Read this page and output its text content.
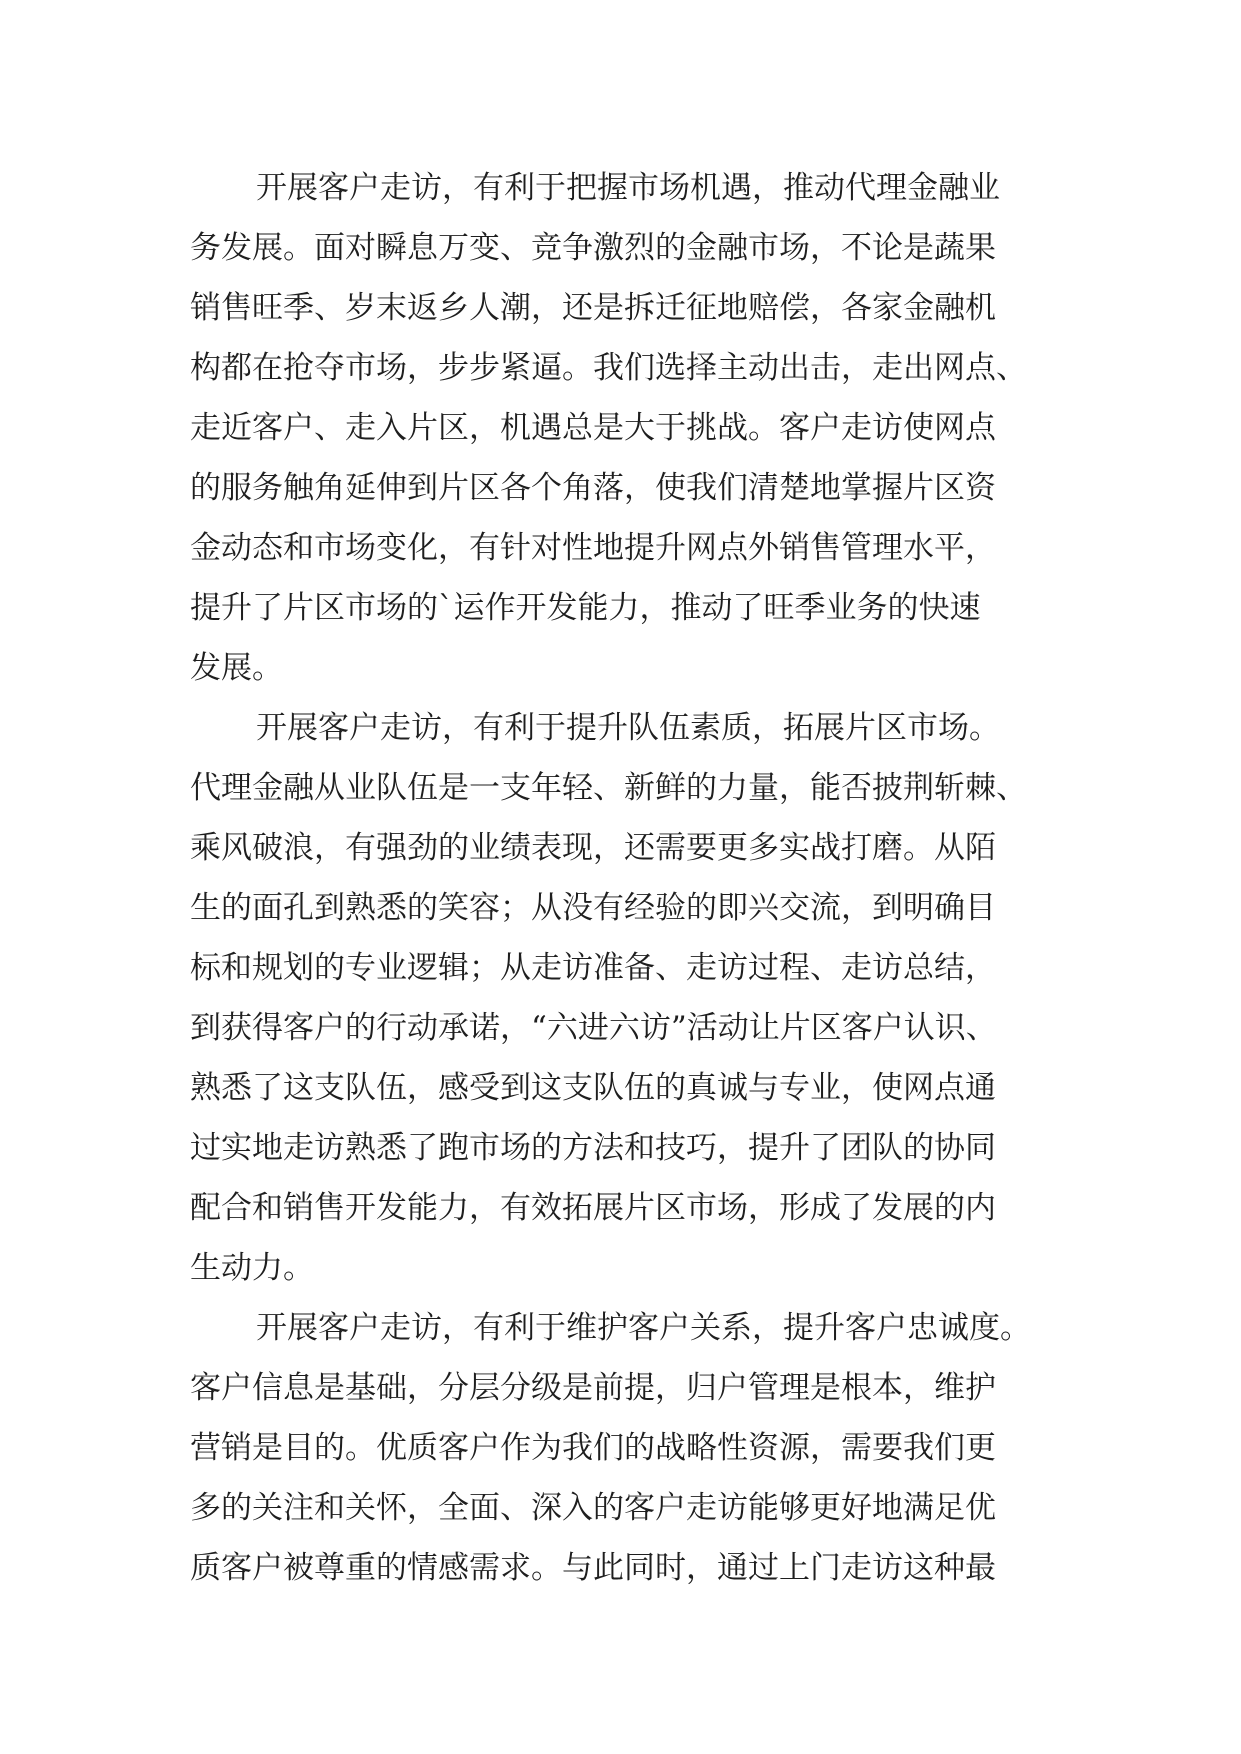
开展客户走访，有利于把握市场机遇，推动代理金融业
务发展。面对瞬息万变、竞争激烈的金融市场，不论是蔬果
销售旺季、岁末返乡人潮，还是拆迁征地赔偿，各家金融机
构都在抢夺市场，步步紧逼。我们选择主动出击，走出网点、
走近客户、走入片区，机遇总是大于挑战。客户走访使网点
的服务触角延伸到片区各个角落，使我们清楚地掌握片区资
金动态和市场变化，有针对性地提升网点外销售管理水平，
提升了片区市场的`运作开发能力，推动了旺季业务的快速
发展。
开展客户走访，有利于提升队伍素质，拓展片区市场。
代理金融从业队伍是一支年轻、新鲜的力量，能否披荆斩棘、
乘风破浪，有强劲的业绩表现，还需要更多实战打磨。从陌
生的面孔到熟悉的笑容；从没有经验的即兴交流，到明确目
标和规划的专业逻辑；从走访准备、走访过程、走访总结，
到获得客户的行动承诺，“六进六访”活动让片区客户认识、
熟悉了这支队伍，感受到这支队伍的真诚与专业，使网点通
过实地走访熟悉了跑市场的方法和技巧，提升了团队的协同
配合和销售开发能力，有效拓展片区市场，形成了发展的内
生动力。
开展客户走访，有利于维护客户关系，提升客户忠诚度。
客户信息是基础，分层分级是前提，归户管理是根本，维护
营销是目的。优质客户作为我们的战略性资源，需要我们更
多的关注和关怀，全面、深入的客户走访能够更好地满足优
质客户被尊重的情感需求。与此同时，通过上门走访这种最
